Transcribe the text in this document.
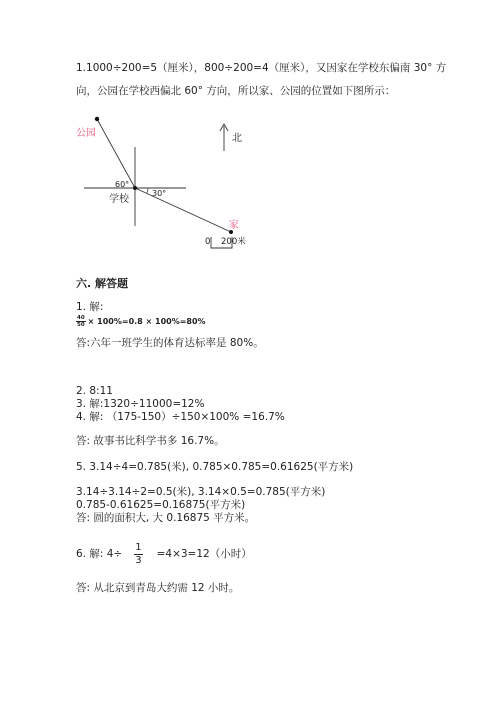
1.1000÷200=5（厘米），800÷200=4（厘米），又因家在学校东偏南 30° 方
向，公园在学校西偏北 60° 方向，所以家、公园的位置如下图所示：
公园	北
60°
30°
学校
家
0 200米
六. 解答题
1. 解:

$\frac{40}{50} \times 100\%=0.8 \times 100\%=80\%$
答:六年一班学生的体育达标率是 80%。
2. 8:11
3. 解:1320÷11000=12%
4. 解: （175-150）÷150×100% =16.7%
答: 故事书比科学书多 16.7%。
5. 3.14÷4=0.785(米), 0.785×0.785=0.61625(平方米)
3.14÷3.14÷2=0.5(米), 3.14×0.5=0.785(平方米)
0.785-0.61625=0.16875(平方米)
答: 圆的面积大, 大 0.16875 平方米。
6. 解: $4\div \frac{1}{3} =4\times 3=12$（小时）
答: 从北京到青岛大约需 12 小时。
